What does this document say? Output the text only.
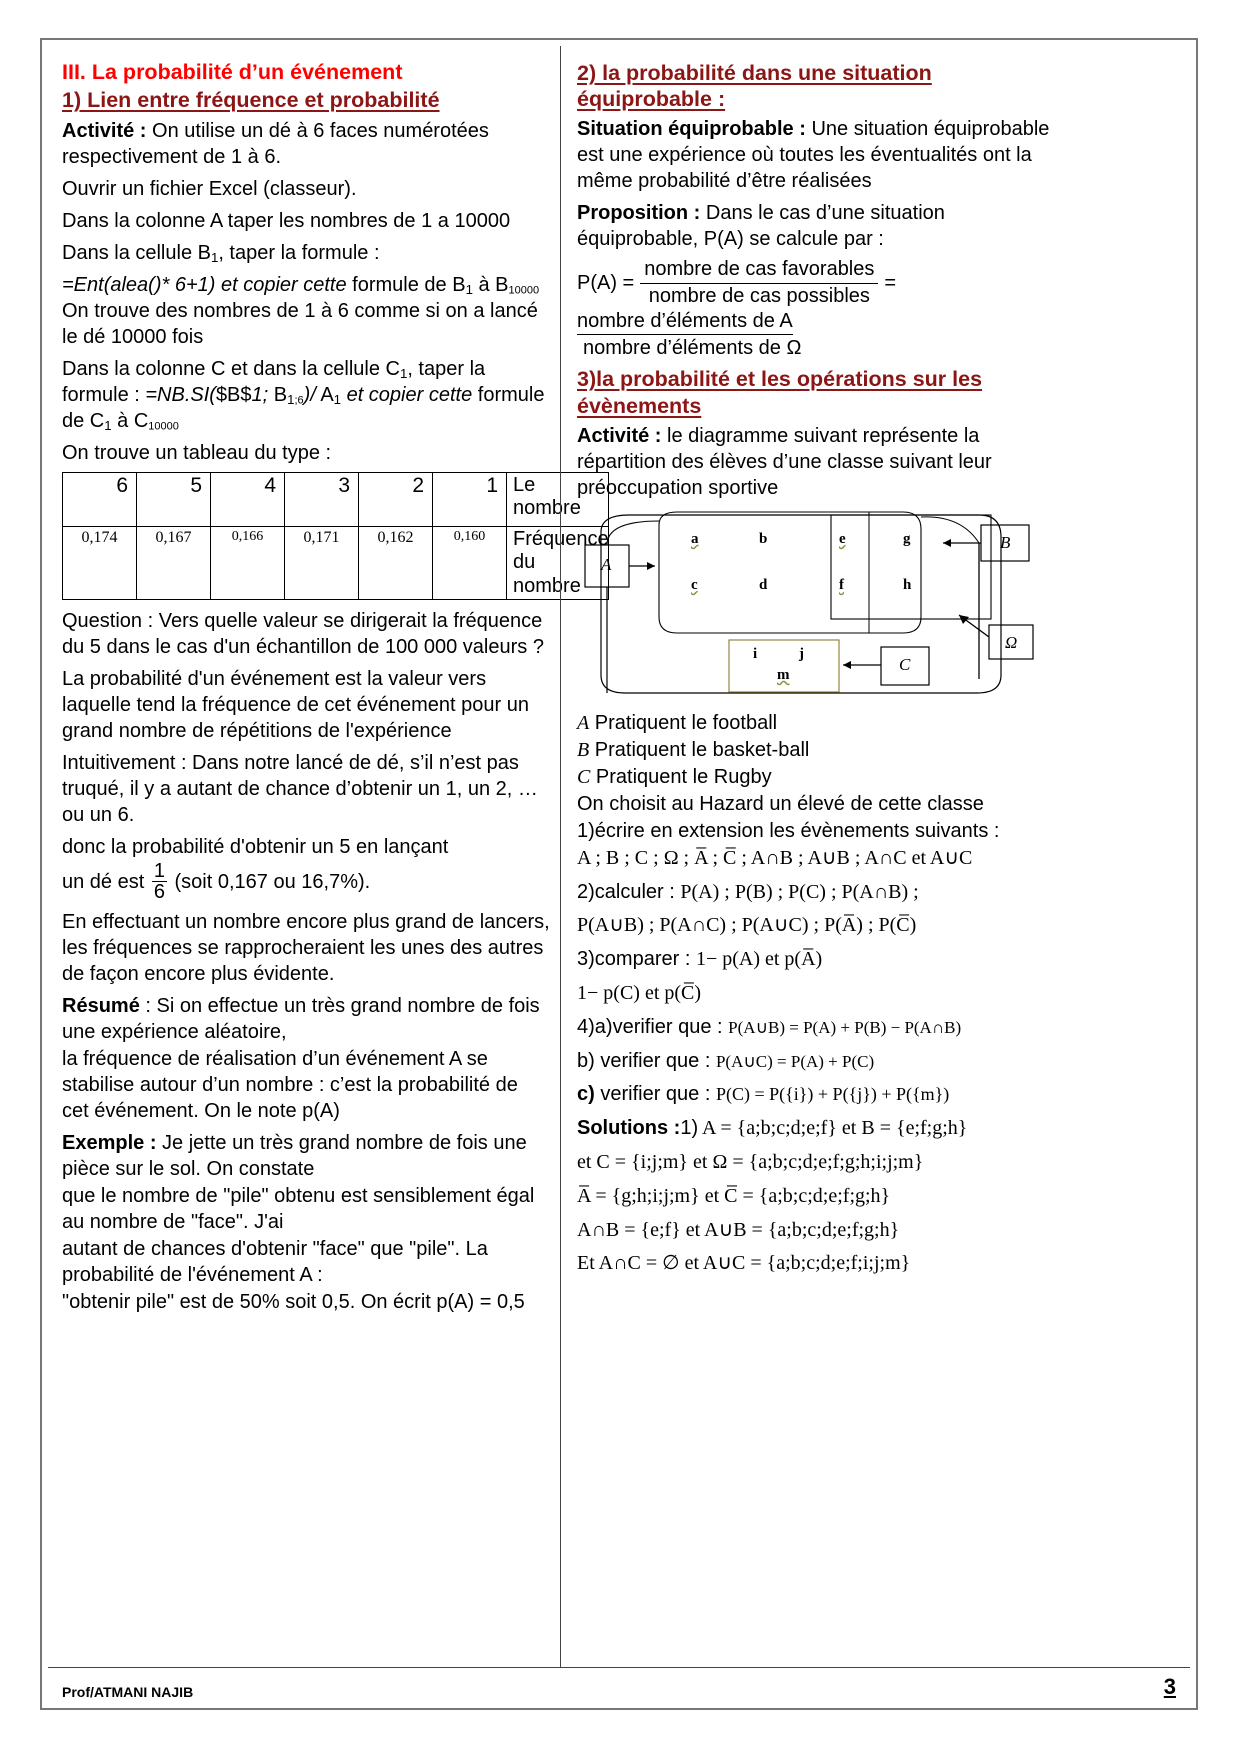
III. La probabilité d’un événement
1) Lien entre fréquence et probabilité

Activité : On utilise un dé à 6 faces numérotées respectivement de 1 à 6.

Ouvrir un fichier Excel (classeur).

Dans la colonne A taper les nombres de 1 a 10000

Dans la cellule $B_1$, taper la formule :

=Ent(alea()* 6+1) et copier cette formule de $B_1$ à $B_{10000}$ On trouve des nombres de 1 à 6 comme si on a lancé le dé 10000 fois

Dans la colonne C et dans la cellule $C_1$, taper la formule : =NB.SI($B$1; $B_{1;6})/$ $A_1$ et copier cette formule de $C_1$ à $C_{10000}$

On trouve un tableau du type :

6	5	4	3	2	1	Le nombre
0,174	0,167	0,166	0,171	0,162	0,160	Fréquence du nombre

Question : Vers quelle valeur se dirigerait la fréquence du 5 dans le cas d'un échantillon de 100 000 valeurs ?

La probabilité d'un événement est la valeur vers laquelle tend la fréquence de cet événement pour un grand nombre de répétitions de l'expérience

Intuitivement : Dans notre lancé de dé, s’il n’est pas truqué, il y a autant de chance d’obtenir un 1, un 2, … ou un 6.

donc la probabilité d'obtenir un 5 en lançant

un dé est $\frac{1}{6}$ (soit 0,167 ou 16,7%).

En effectuant un nombre encore plus grand de lancers, les fréquences se rapprocheraient les unes des autres de façon encore plus évidente.

Résumé : Si on effectue un très grand nombre de fois une expérience aléatoire,

la fréquence de réalisation d’un événement A se stabilise autour d’un nombre : c’est la probabilité de cet événement. On le note p(A)

Exemple : Je jette un très grand nombre de fois une pièce sur le sol. On constate

que le nombre de "pile" obtenu est sensiblement égal au nombre de "face". J'ai

autant de chances d'obtenir "face" que "pile". La probabilité de l'événement A :

"obtenir pile" est de 50% soit 0,5. On écrit p(A) = 0,5

2) la probabilité dans une situation équiprobable :

Situation équiprobable : Une situation équiprobable est une expérience où toutes les éventualités ont la même probabilité d’être réalisées

Proposition : Dans le cas d’une situation équiprobable, P(A) se calcule par :

$P(A) = \frac{\text{nombre de cas favorables}}{\text{nombre de cas possibles}}$ =
nombre d’éléments de A
nombre d’éléments de Ω
3)la probabilité et les opérations sur les évènements

Activité : le diagramme suivant représente la répartition des élèves d’une classe suivant leur préoccupation sportive

a	b
c	d
e
f
g
h
i	j
m
A
B
C
Ω

A Pratiquent le football

B Pratiquent le basket-ball

C Pratiquent le Rugby

On choisit au Hazard un élevé de cette classe

1)écrire en extension les évènements suivants :

A ; B ; C ; Ω ; A̅ ; C̅ ; A∩B ; A∪B ; A∩C et A∪C

2)calculer : P(A) ; P(B) ; P(C) ; P(A∩B) ;

P(A∪B) ; P(A∩C) ; P(A∪C) ; P(A̅) ; P(C̅)

3)comparer : 1− p(A) et p(A̅)

1− p(C) et p(C̅)

4)a)verifier que : P(A∪B) = P(A) + P(B) − P(A∩B)

b) verifier que : P(A∪C) = P(A) + P(C)

c) verifier que : P(C) = P({i}) + P({j}) + P({m})

Solutions :1) A = {a;b;c;d;e;f} et B = {e;f;g;h}

et C = {i;j;m} et Ω = {a;b;c;d;e;f;g;h;i;j;m}

A̅ = {g;h;i;j;m} et C̅ = {a;b;c;d;e;f;g;h}

A∩B = {e;f} et A∪B = {a;b;c;d;e;f;g;h}

Et A∩C = ∅ et A∪C = {a;b;c;d;e;f;i;j;m}

Prof/ATMANI NAJIB	3
